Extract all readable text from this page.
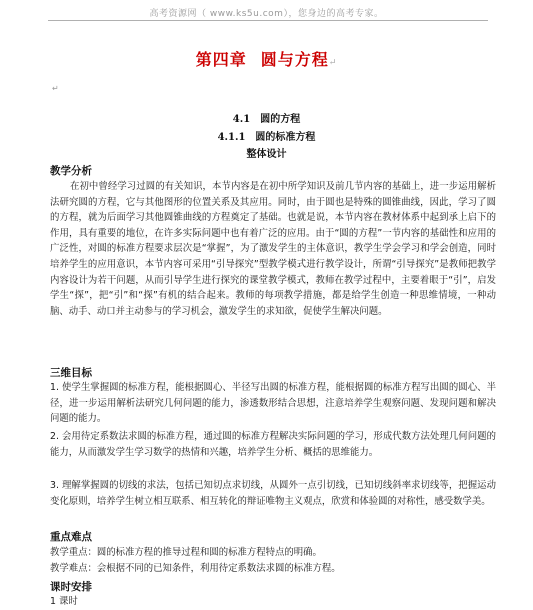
高考资源网（ www.ks5u.com），您身边的高考专家。
第四章 圆与方程↵
↵
4.1 圆的方程
4.1.1 圆的标准方程
整体设计
教学分析
在初中曾经学习过圆的有关知识，本节内容是在初中所学知识及前几节内容的基础上，进一步运用解析法研究圆的方程，它与其他图形的位置关系及其应用。同时，由于圆也是特殊的圆锥曲线，因此，学习了圆的方程，就为后面学习其他圆锥曲线的方程奠定了基础。也就是说，本节内容在教材体系中起到承上启下的作用，具有重要的地位，在许多实际问题中也有着广泛的应用。由于“圆的方程”一节内容的基础性和应用的广泛性，对圆的标准方程要求层次是“掌握”，为了激发学生的主体意识，教学生学会学习和学会创造，同时培养学生的应用意识，本节内容可采用“引导探究”型教学模式进行教学设计，所谓“引导探究”是教师把教学内容设计为若干问题，从而引导学生进行探究的课堂教学模式，教师在教学过程中，主要着眼于“引”，启发学生“探”，把“引”和“探”有机的结合起来。教师的每项教学措施，都是给学生创造一种思维情境，一种动脑、动手、动口并主动参与的学习机会，激发学生的求知欲，促使学生解决问题。
三维目标
1. 使学生掌握圆的标准方程，能根据圆心、半径写出圆的标准方程，能根据圆的标准方程写出圆的圆心、半径，进一步运用解析法研究几何问题的能力，渗透数形结合思想，注意培养学生观察问题、发现问题和解决问题的能力。
2. 会用待定系数法求圆的标准方程，通过圆的标准方程解决实际问题的学习，形成代数方法处理几何问题的能力，从而激发学生学习数学的热情和兴趣，培养学生分析、概括的思维能力。
3. 理解掌握圆的切线的求法，包括已知切点求切线，从圆外一点引切线，已知切线斜率求切线等，把握运动变化原则，培养学生树立相互联系、相互转化的辩证唯物主义观点，欣赏和体验圆的对称性，感受数学美。
重点难点
教学重点：圆的标准方程的推导过程和圆的标准方程特点的明确。
教学难点：会根据不同的已知条件，利用待定系数法求圆的标准方程。
课时安排
1 课时
